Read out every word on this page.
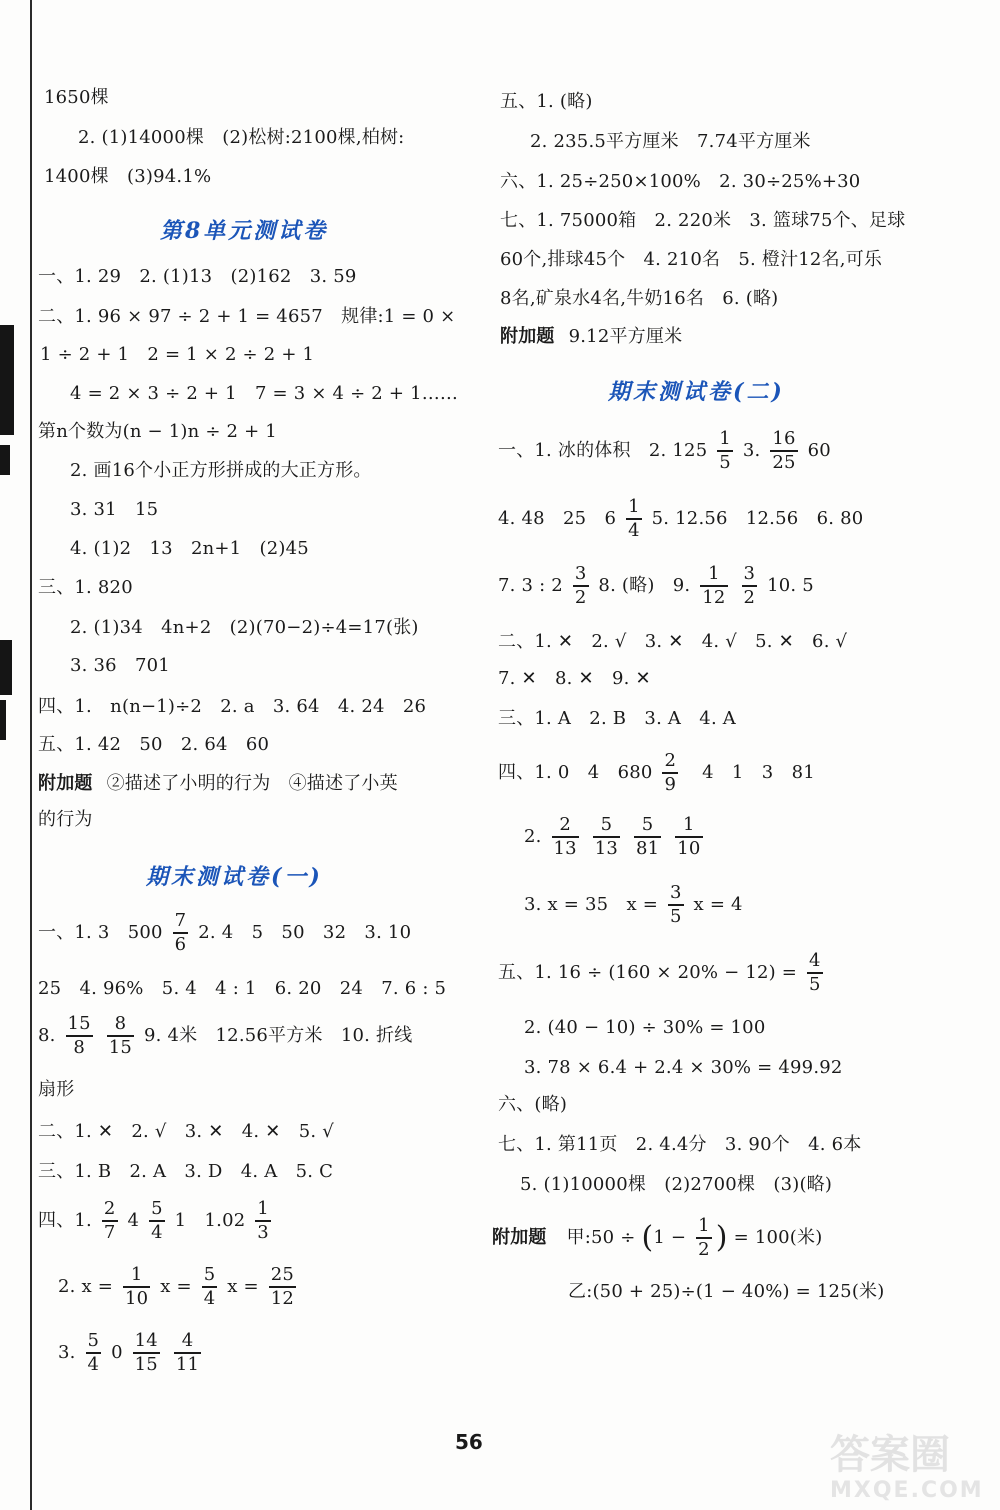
1650棵
2. (1)14000棵　(2)松树:2100棵,柏树:
1400棵　(3)94.1%
第8单元测试卷
一、1. 29　2. (1)13　(2)162　3. 59
二、1. 96 × 97 ÷ 2 + 1 = 4657　规律:1 = 0 ×
1 ÷ 2 + 1　2 = 1 × 2 ÷ 2 + 1
4 = 2 × 3 ÷ 2 + 1　7 = 3 × 4 ÷ 2 + 1……
第n个数为(n − 1)n ÷ 2 + 1
2. 画16个小正方形拼成的大正方形。
3. 31　15
4. (1)2　13　2n+1　(2)45
三、1. 820
2. (1)34　4n+2　(2)(70−2)÷4=17(张)
3. 36　701
四、1.　n(n−1)÷2　2. a　3. 64　4. 24　26
五、1. 42　50　2. 64　60
附加题 ②描述了小明的行为　④描述了小英
的行为
期末测试卷(一)
一、1. 3　$500 \frac{7}{6} 2$. 4　5　50　32　3. 10
25　4. 96%　5. 4　4 : 1　6. 20　24　7. 6 : 5
8. $\frac{15}{8}$
$\frac{8}{15} 9$. 4米　12.56平方米　10. 折线
扇形
二、1. ✕　2. √　3. ✕　4. ✕　5. √
三、1. B　2. A　3. D　4. A　5. C
四、1. $\frac{2}{7} 4 \frac{5}{4} 1$　$1.02 \frac{1}{3}$
2. $x = \frac{1}{10}$ $x = \frac{5}{4}$ $x = \frac{25}{12}$
3. $\frac{5}{4} 0 \frac{14}{15}$
$\frac{4}{11}$
五、1. (略)
2. 235.5平方厘米　7.74平方厘米
六、1. 25÷250×100%　2. 30÷25%+30
七、1. 75000箱　2. 220米　3. 篮球75个、足球
60个,排球45个　4. 210名　5. 橙汁12名,可乐
8名,矿泉水4名,牛奶16名　6. (略)
附加题 9.12平方厘米
期末测试卷(二)
一、1. 冰的体积　2. $125 \frac{1}{5} 3$. $\frac{16}{25} 60$
4. 48　25　$6 \frac{1}{4} 5$. 12.56　12.56　6. 80
7. 3 : $2 \frac{3}{2} 8$. (略)　9. $\frac{1}{12}$
$\frac{3}{2} 10$. 5
二、1. ✕　2. √　3. ✕　4. √　5. ✕　6. √
7. ✕　8. ✕　9. ✕
三、1. A　2. B　3. A　4. A
四、1. 0　4　$680 \frac{2}{9} 4$　1　3　81
2. $\frac{2}{13}$
$\frac{5}{13}$
$\frac{5}{81}$
$\frac{1}{10}$
3. x = 35　$x = \frac{3}{5}$ x = 4
五、1. $16 \div (160 \times 20\% - 12) = \frac{4}{5}$
2. (40 − 10) ÷ 30% = 100
3. 78 × 6.4 + 2.4 × 30% = 499.92
六、(略)
七、1. 第11页　2. 4.4分　3. 90个　4. 6本
5. (1)10000棵　(2)2700棵　(3)(略)
附加题 甲:50 ÷ ($1 - \frac{1}{2}$ ) = 100(米)
乙:(50 + 25)÷(1 − 40%) = 125(米)
56	答案圈
MXQE.COM
